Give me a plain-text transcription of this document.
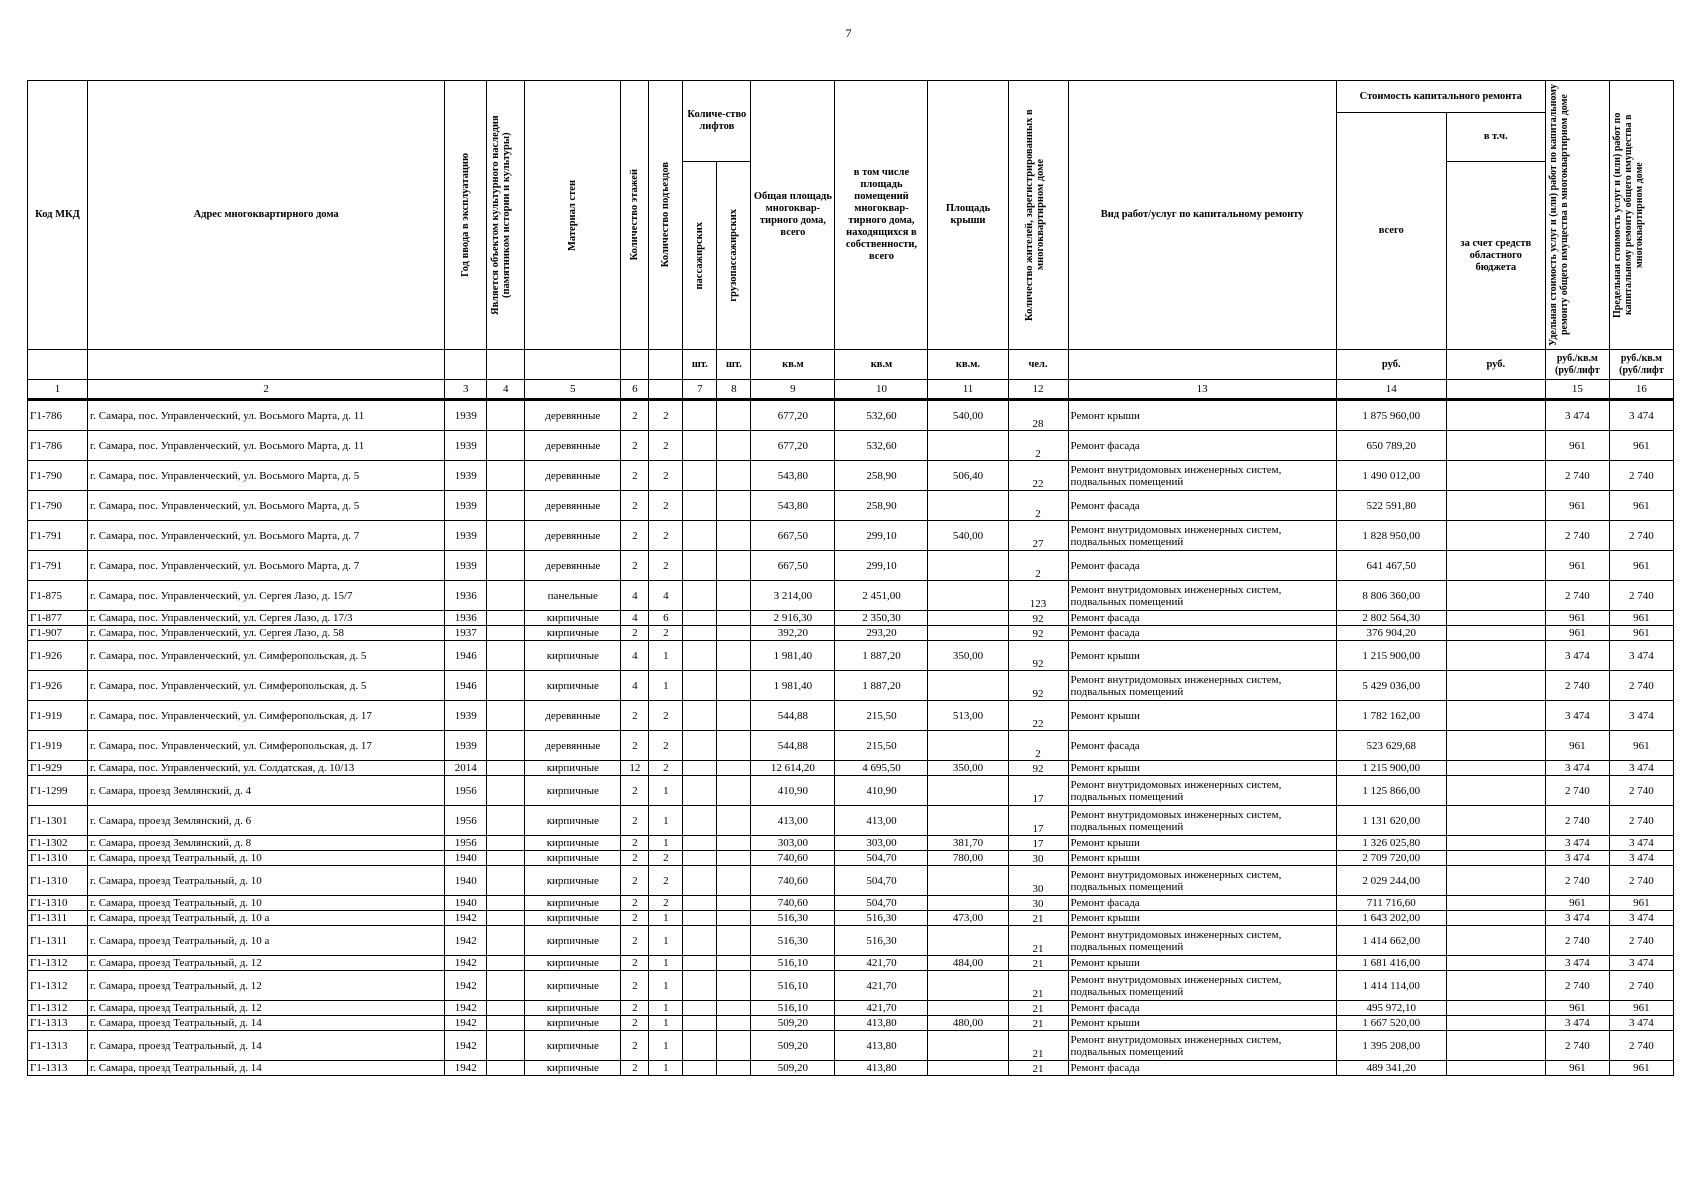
7
Код МКД	Адрес многоквартирного дома	Год ввода в эксплуатацию	Является объектом культурного наследия (памятником истории и культуры)	Материал стен	Количество этажей	Количество подъездов	Количе-ство лифтов		Общая площадь многоквар-тирного дома, всего	в том числе площадь помещений многоквар-тирного дома, находящихся в собственности, всего	Площадь крыши	Количество жителей, зарегистрированных в многоквартирном доме	Вид работ/услуг по капитальному ремонту	Стоимость капитального ремонта		Удельная стоимость услуг и (или) работ по капитальному ремонту общего имущества в многоквартирном доме	Предельная стоимость услуг и (или) работ по капитальному ремонту общего имущества в многоквартирном доме

														всего	в т.ч.		

							пассажирских	грузопассажирских							за счет средств областного бюджета		
							шт.	шт.	кв.м	кв.м	кв.м.	чел.		руб.	руб.	руб./кв.м (руб/лифт	руб./кв.м (руб/лифт
1	2	3	4	5	6		7	8	9	10	11	12	13	14		15	16
Г1-786	г. Самара, пос. Управленческий, ул. Восьмого Марта, д. 11	1939		деревянные	2	2			677,20	532,60	540,00	28	Ремонт крыши	1 875 960,00		3 474	3 474
Г1-786	г. Самара, пос. Управленческий, ул. Восьмого Марта, д. 11	1939		деревянные	2	2			677,20	532,60		2	Ремонт фасада	650 789,20		961	961
Г1-790	г. Самара, пос. Управленческий, ул. Восьмого Марта, д. 5	1939		деревянные	2	2			543,80	258,90	506,40	22	Ремонт внутридомовых инженерных систем, подвальных помещений	1 490 012,00		2 740	2 740
Г1-790	г. Самара, пос. Управленческий, ул. Восьмого Марта, д. 5	1939		деревянные	2	2			543,80	258,90		2	Ремонт фасада	522 591,80		961	961
Г1-791	г. Самара, пос. Управленческий, ул. Восьмого Марта, д. 7	1939		деревянные	2	2			667,50	299,10	540,00	27	Ремонт внутридомовых инженерных систем, подвальных помещений	1 828 950,00		2 740	2 740
Г1-791	г. Самара, пос. Управленческий, ул. Восьмого Марта, д. 7	1939		деревянные	2	2			667,50	299,10		2	Ремонт фасада	641 467,50		961	961
Г1-875	г. Самара, пос. Управленческий, ул. Сергея Лазо, д. 15/7	1936		панельные	4	4			3 214,00	2 451,00		123	Ремонт внутридомовых инженерных систем, подвальных помещений	8 806 360,00		2 740	2 740
Г1-877	г. Самара, пос. Управленческий, ул. Сергея Лазо, д. 17/3	1936		кирпичные	4	6			2 916,30	2 350,30		92	Ремонт фасада	2 802 564,30		961	961
Г1-907	г. Самара, пос. Управленческий, ул. Сергея Лазо, д. 58	1937		кирпичные	2	2			392,20	293,20		92	Ремонт фасада	376 904,20		961	961
Г1-926	г. Самара, пос. Управленческий, ул. Симферопольская, д. 5	1946		кирпичные	4	1			1 981,40	1 887,20	350,00	92	Ремонт крыши	1 215 900,00		3 474	3 474
Г1-926	г. Самара, пос. Управленческий, ул. Симферопольская, д. 5	1946		кирпичные	4	1			1 981,40	1 887,20		92	Ремонт внутридомовых инженерных систем, подвальных помещений	5 429 036,00		2 740	2 740
Г1-919	г. Самара, пос. Управленческий, ул. Симферопольская, д. 17	1939		деревянные	2	2			544,88	215,50	513,00	22	Ремонт крыши	1 782 162,00		3 474	3 474
Г1-919	г. Самара, пос. Управленческий, ул. Симферопольская, д. 17	1939		деревянные	2	2			544,88	215,50		2	Ремонт фасада	523 629,68		961	961
Г1-929	г. Самара, пос. Управленческий, ул. Солдатская, д. 10/13	2014		кирпичные	12	2			12 614,20	4 695,50	350,00	92	Ремонт крыши	1 215 900,00		3 474	3 474
Г1-1299	г. Самара, проезд Землянский, д. 4	1956		кирпичные	2	1			410,90	410,90		17	Ремонт внутридомовых инженерных систем, подвальных помещений	1 125 866,00		2 740	2 740
Г1-1301	г. Самара, проезд Землянский, д. 6	1956		кирпичные	2	1			413,00	413,00		17	Ремонт внутридомовых инженерных систем, подвальных помещений	1 131 620,00		2 740	2 740
Г1-1302	г. Самара, проезд Землянский, д. 8	1956		кирпичные	2	1			303,00	303,00	381,70	17	Ремонт крыши	1 326 025,80		3 474	3 474
Г1-1310	г. Самара, проезд Театральный, д. 10	1940		кирпичные	2	2			740,60	504,70	780,00	30	Ремонт крыши	2 709 720,00		3 474	3 474
Г1-1310	г. Самара, проезд Театральный, д. 10	1940		кирпичные	2	2			740,60	504,70		30	Ремонт внутридомовых инженерных систем, подвальных помещений	2 029 244,00		2 740	2 740
Г1-1310	г. Самара, проезд Театральный, д. 10	1940		кирпичные	2	2			740,60	504,70		30	Ремонт фасада	711 716,60		961	961
Г1-1311	г. Самара, проезд Театральный, д. 10 а	1942		кирпичные	2	1			516,30	516,30	473,00	21	Ремонт крыши	1 643 202,00		3 474	3 474
Г1-1311	г. Самара, проезд Театральный, д. 10 а	1942		кирпичные	2	1			516,30	516,30		21	Ремонт внутридомовых инженерных систем, подвальных помещений	1 414 662,00		2 740	2 740
Г1-1312	г. Самара, проезд Театральный, д. 12	1942		кирпичные	2	1			516,10	421,70	484,00	21	Ремонт крыши	1 681 416,00		3 474	3 474
Г1-1312	г. Самара, проезд Театральный, д. 12	1942		кирпичные	2	1			516,10	421,70		21	Ремонт внутридомовых инженерных систем, подвальных помещений	1 414 114,00		2 740	2 740
Г1-1312	г. Самара, проезд Театральный, д. 12	1942		кирпичные	2	1			516,10	421,70		21	Ремонт фасада	495 972,10		961	961
Г1-1313	г. Самара, проезд Театральный, д. 14	1942		кирпичные	2	1			509,20	413,80	480,00	21	Ремонт крыши	1 667 520,00		3 474	3 474
Г1-1313	г. Самара, проезд Театральный, д. 14	1942		кирпичные	2	1			509,20	413,80		21	Ремонт внутридомовых инженерных систем, подвальных помещений	1 395 208,00		2 740	2 740
Г1-1313	г. Самара, проезд Театральный, д. 14	1942		кирпичные	2	1			509,20	413,80		21	Ремонт фасада	489 341,20		961	961
